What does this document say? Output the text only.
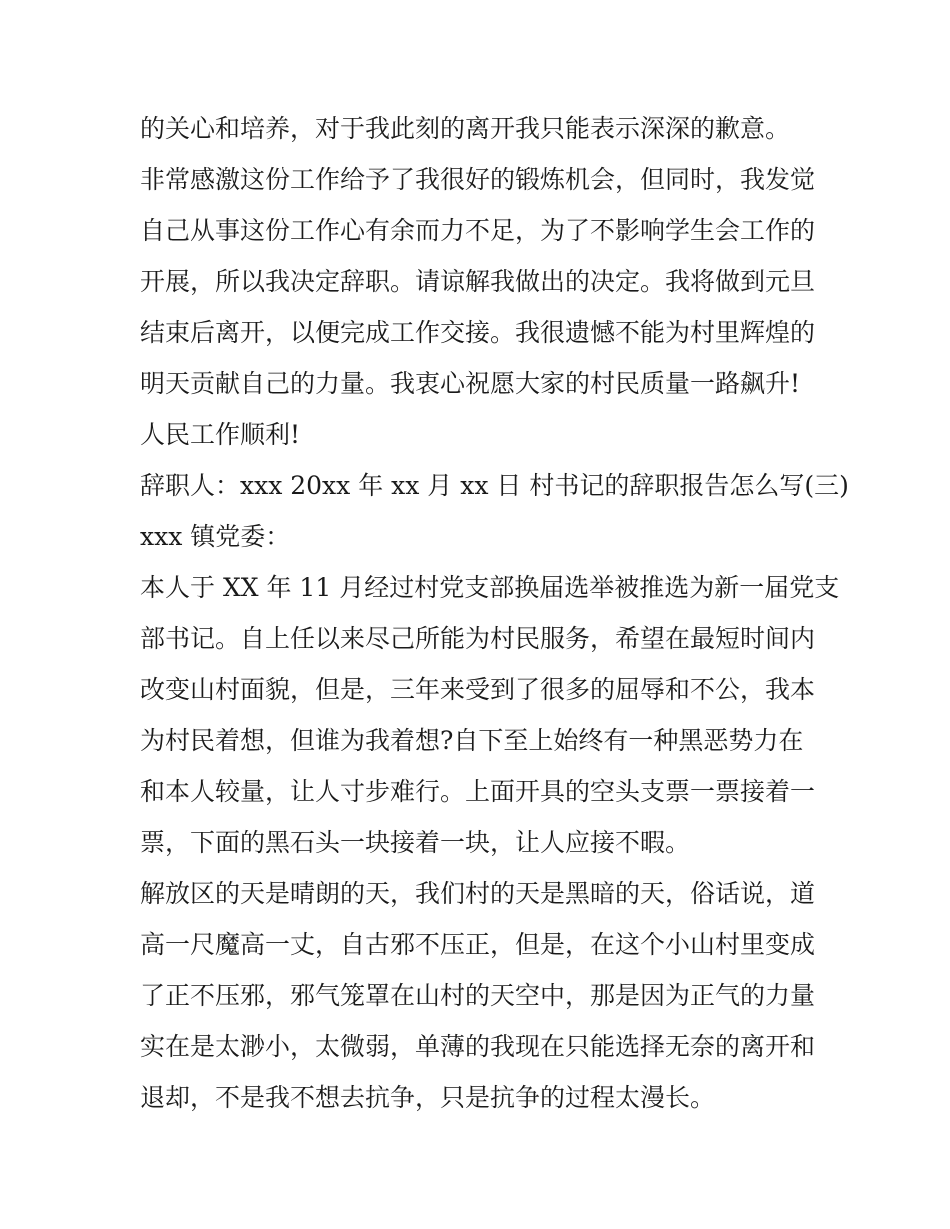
的关心和培养，对于我此刻的离开我只能表示深深的歉意。
非常感激这份工作给予了我很好的锻炼机会，但同时，我发觉
自己从事这份工作心有余而力不足，为了不影响学生会工作的
开展，所以我决定辞职。请谅解我做出的决定。我将做到元旦
结束后离开，以便完成工作交接。我很遗憾不能为村里辉煌的
明天贡献自己的力量。我衷心祝愿大家的村民质量一路飙升!
人民工作顺利!
辞职人：xxx 20xx 年 xx 月 xx 日 村书记的辞职报告怎么写(三)
xxx 镇党委：
本人于 XX 年 11 月经过村党支部换届选举被推选为新一届党支
部书记。自上任以来尽己所能为村民服务，希望在最短时间内
改变山村面貌，但是，三年来受到了很多的屈辱和不公，我本
为村民着想，但谁为我着想?自下至上始终有一种黑恶势力在
和本人较量，让人寸步难行。上面开具的空头支票一票接着一
票，下面的黑石头一块接着一块，让人应接不暇。
解放区的天是晴朗的天，我们村的天是黑暗的天，俗话说，道
高一尺魔高一丈，自古邪不压正，但是，在这个小山村里变成
了正不压邪，邪气笼罩在山村的天空中，那是因为正气的力量
实在是太渺小，太微弱，单薄的我现在只能选择无奈的离开和
退却，不是我不想去抗争，只是抗争的过程太漫长。
